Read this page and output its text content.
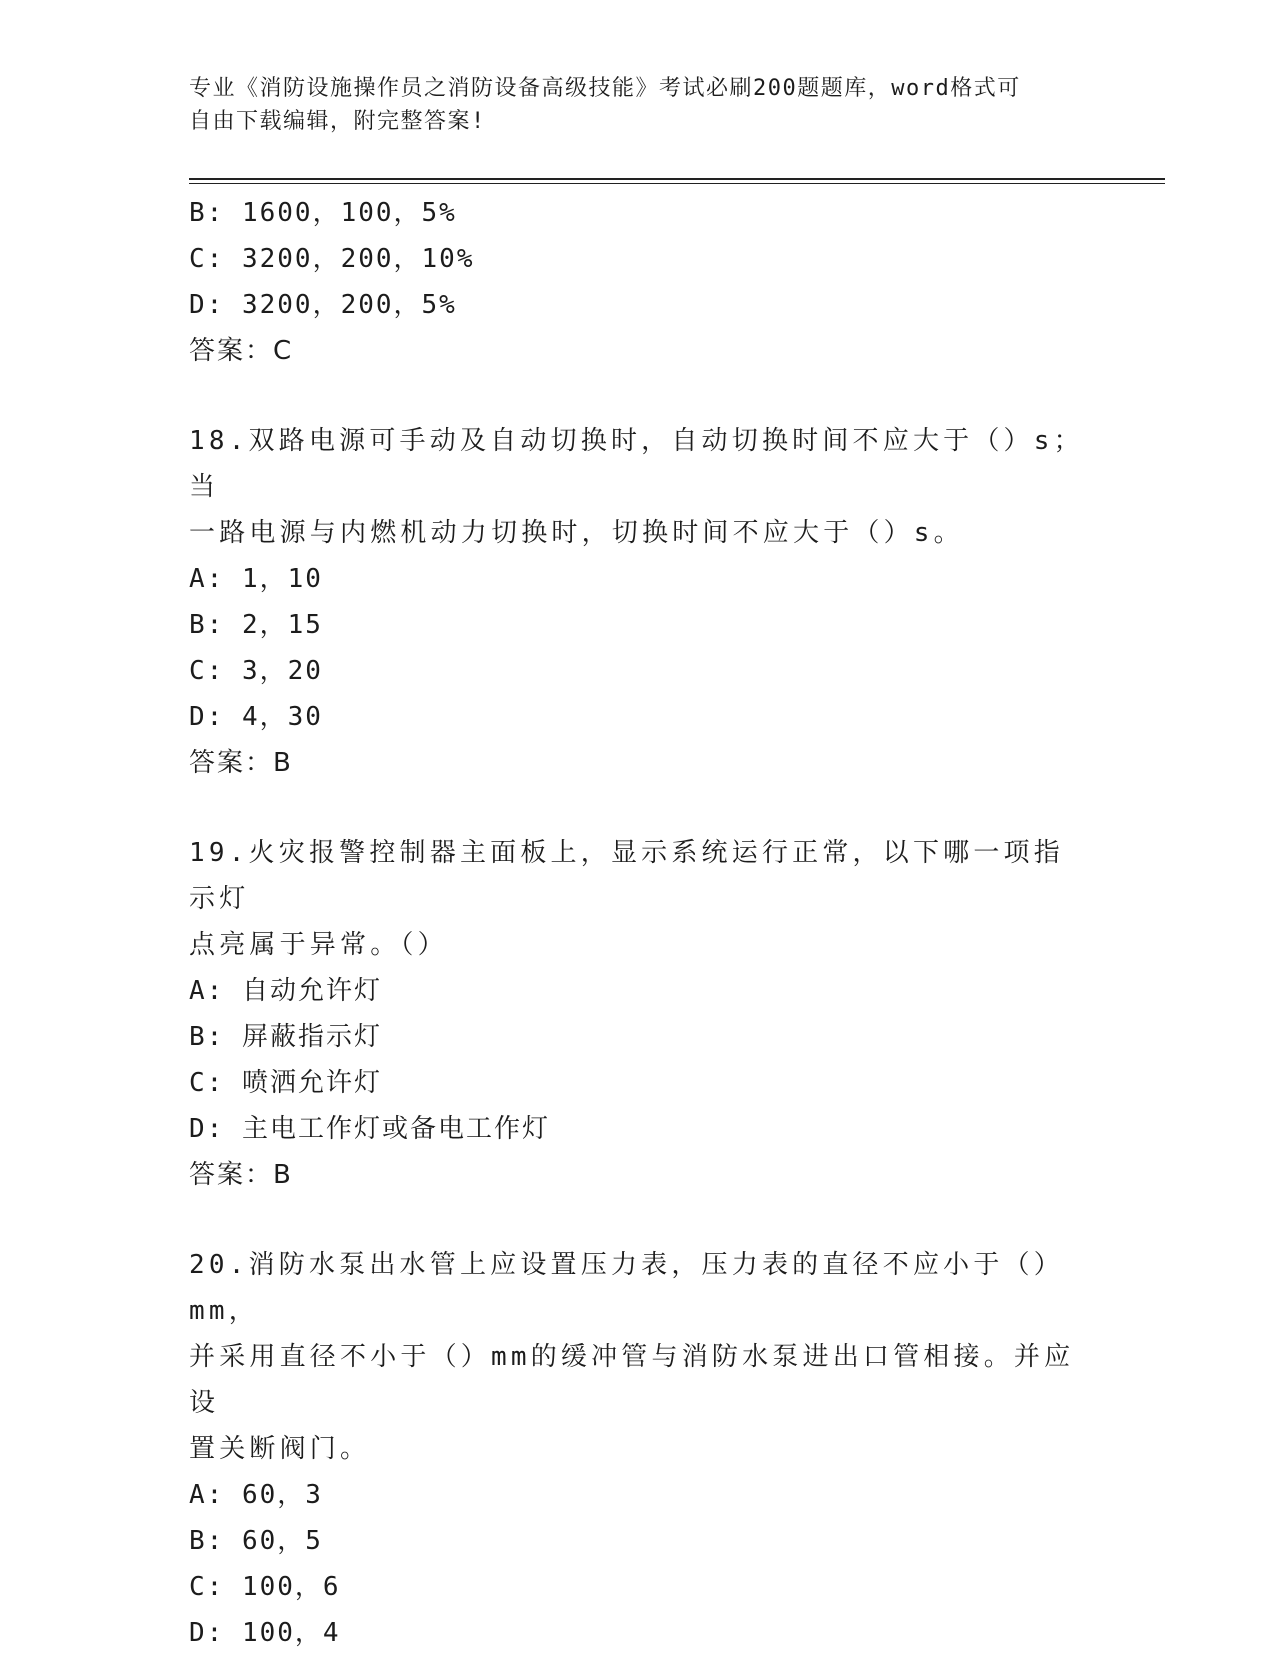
专业《消防设施操作员之消防设备高级技能》考试必刷200题题库，word格式可
自由下载编辑，附完整答案!
B: 1600，100，5%
C: 3200，200，10%
D: 3200，200，5%
答案：C
18.双路电源可手动及自动切换时，自动切换时间不应大于（）s；当
一路电源与内燃机动力切换时，切换时间不应大于（）s。
A: 1，10
B: 2，15
C: 3，20
D: 4，30
答案：B
19.火灾报警控制器主面板上，显示系统运行正常，以下哪一项指示灯
点亮属于异常。（）
A: 自动允许灯
B: 屏蔽指示灯
C: 喷洒允许灯
D: 主电工作灯或备电工作灯
答案：B
20.消防水泵出水管上应设置压力表，压力表的直径不应小于（）mm，
并采用直径不小于（）mm的缓冲管与消防水泵进出口管相接。并应设
置关断阀门。
A: 60，3
B: 60，5
C: 100，6
D: 100，4
